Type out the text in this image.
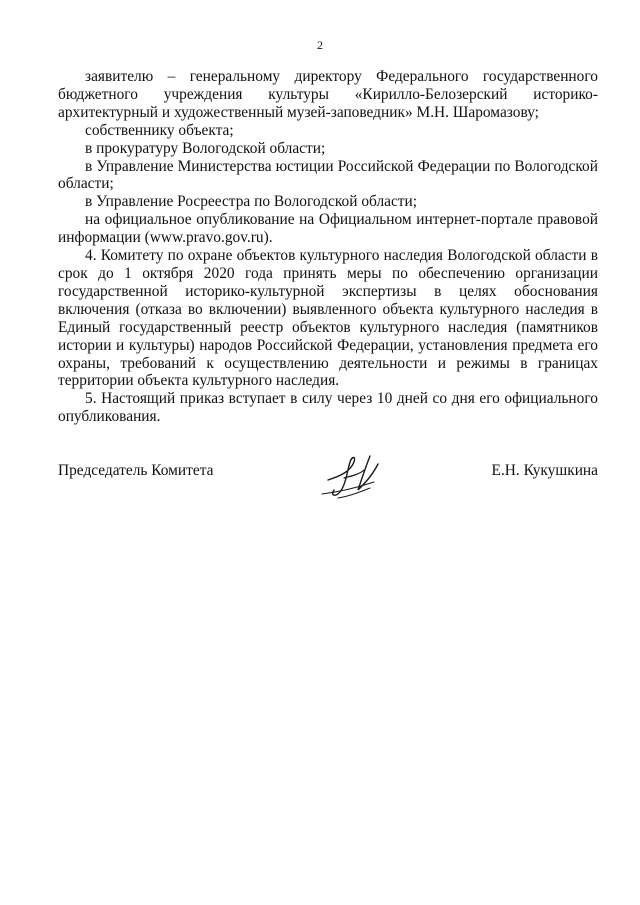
2

заявителю – генеральному директору Федерального государственного бюджетного учреждения культуры «Кирилло-Белозерский историко-архитектурный и художественный музей-заповедник» М.Н. Шаромазову;

собственнику объекта;

в прокуратуру Вологодской области;

в Управление Министерства юстиции Российской Федерации по Вологодской области;

в Управление Росреестра по Вологодской области;

на официальное опубликование на Официальном интернет-портале правовой информации (www.pravo.gov.ru).

4. Комитету по охране объектов культурного наследия Вологодской области в срок до 1 октября 2020 года принять меры по обеспечению организации государственной историко-культурной экспертизы в целях обоснования включения (отказа во включении) выявленного объекта культурного наследия в Единый государственный реестр объектов культурного наследия (памятников истории и культуры) народов Российской Федерации, установления предмета его охраны, требований к осуществлению деятельности и режимы в границах территории объекта культурного наследия.

5. Настоящий приказ вступает в силу через 10 дней со дня его официального опубликования.

Председатель Комитета	Е.Н. Кукушкина
